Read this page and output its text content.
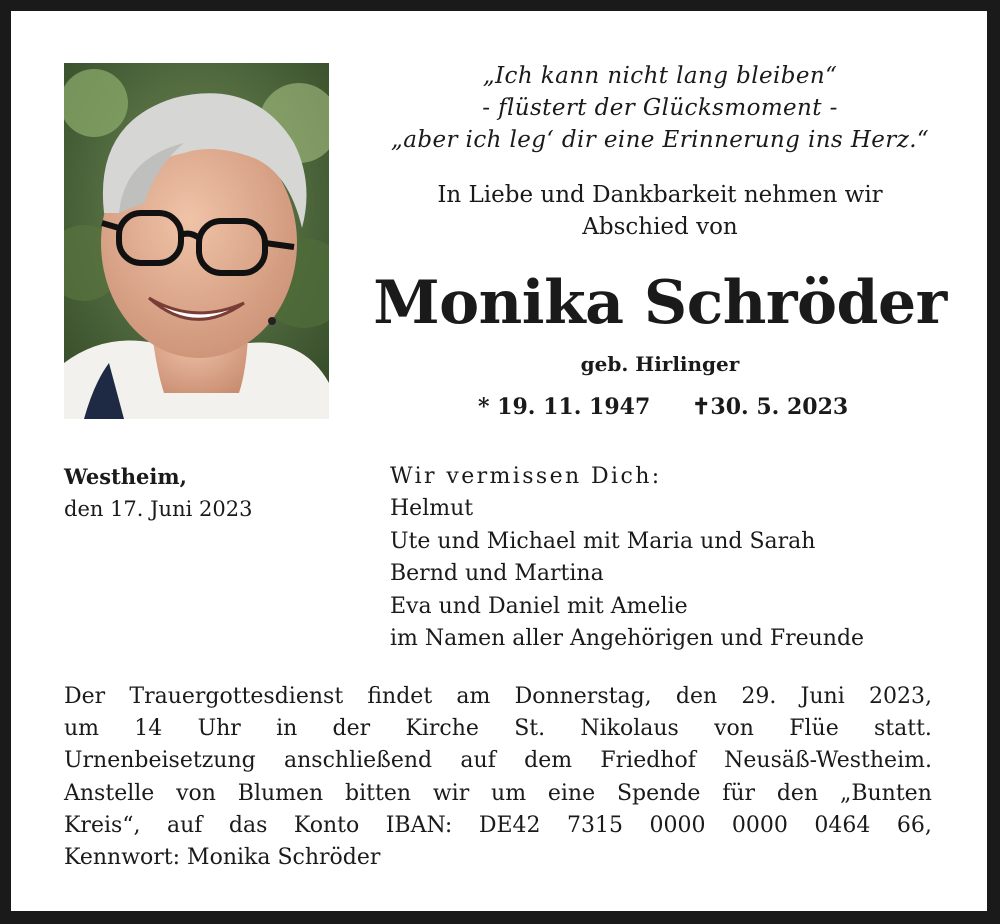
„Ich kann nicht lang bleiben“
- flüstert der Glücksmoment -
„aber ich leg‘ dir eine Erinnerung ins Herz.“
In Liebe und Dankbarkeit nehmen wir
Abschied von
Monika Schröder
geb. Hirlinger
* 19. 11. 1947 ✝30. 5. 2023
Westheim,
den 17. Juni 2023
Wir vermissen Dich:
Helmut
Ute und Michael mit Maria und Sarah
Bernd und Martina
Eva und Daniel mit Amelie
im Namen aller Angehörigen und Freunde
Der Trauergottesdienst findet am Donnerstag, den 29. Juni 2023,
um 14 Uhr in der Kirche St. Nikolaus von Flüe statt.
Urnenbeisetzung anschließend auf dem Friedhof Neusäß-Westheim.
Anstelle von Blumen bitten wir um eine Spende für den „Bunten
Kreis“, auf das Konto IBAN: DE42 7315 0000 0000 0464 66,
Kennwort: Monika Schröder
